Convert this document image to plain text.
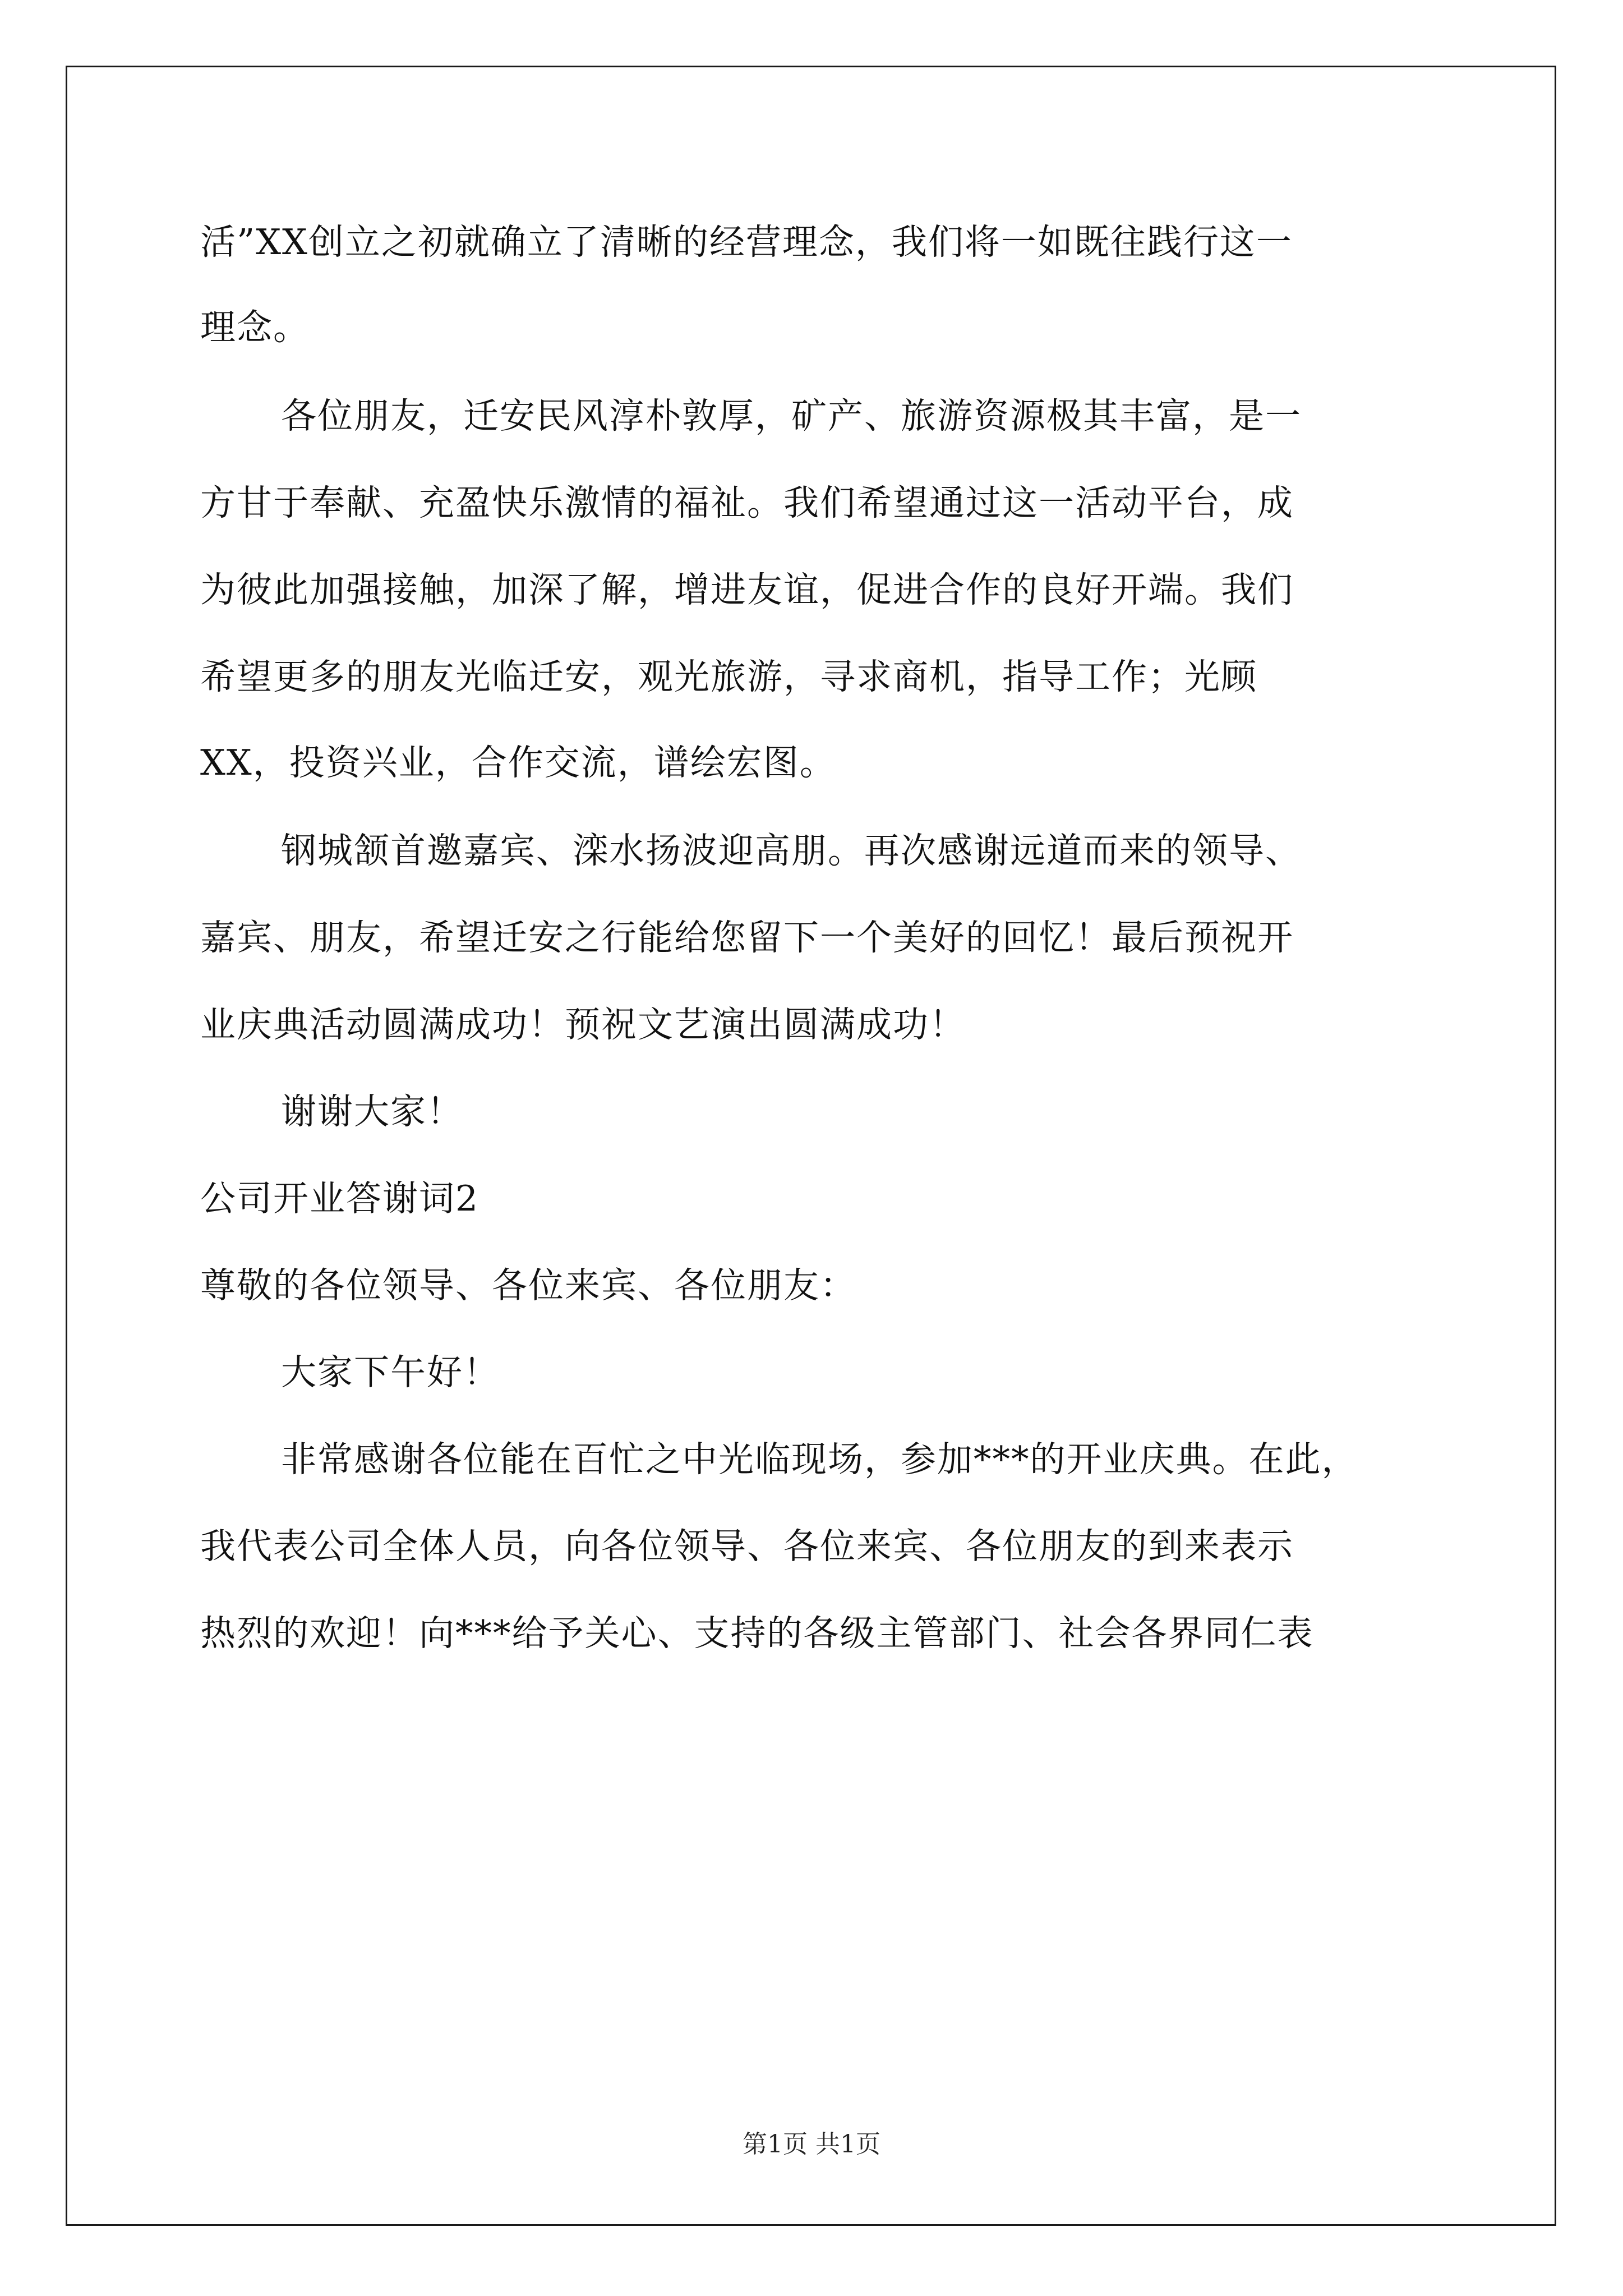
活”XX创立之初就确立了清晰的经营理念，我们将一如既往践行这一
理念。
各位朋友，迁安民风淳朴敦厚，矿产、旅游资源极其丰富，是一
方甘于奉献、充盈快乐激情的福祉。我们希望通过这一活动平台，成
为彼此加强接触，加深了解，增进友谊，促进合作的良好开端。我们
希望更多的朋友光临迁安，观光旅游，寻求商机，指导工作；光顾
XX，投资兴业，合作交流，谱绘宏图。
钢城颔首邀嘉宾、滦水扬波迎高朋。再次感谢远道而来的领导、
嘉宾、朋友，希望迁安之行能给您留下一个美好的回忆！最后预祝开
业庆典活动圆满成功！预祝文艺演出圆满成功！
谢谢大家！
公司开业答谢词2
尊敬的各位领导、各位来宾、各位朋友：
大家下午好！
非常感谢各位能在百忙之中光临现场，参加***的开业庆典。在此，
我代表公司全体人员，向各位领导、各位来宾、各位朋友的到来表示
热烈的欢迎！向***给予关心、支持的各级主管部门、社会各界同仁表
第1页 共1页
